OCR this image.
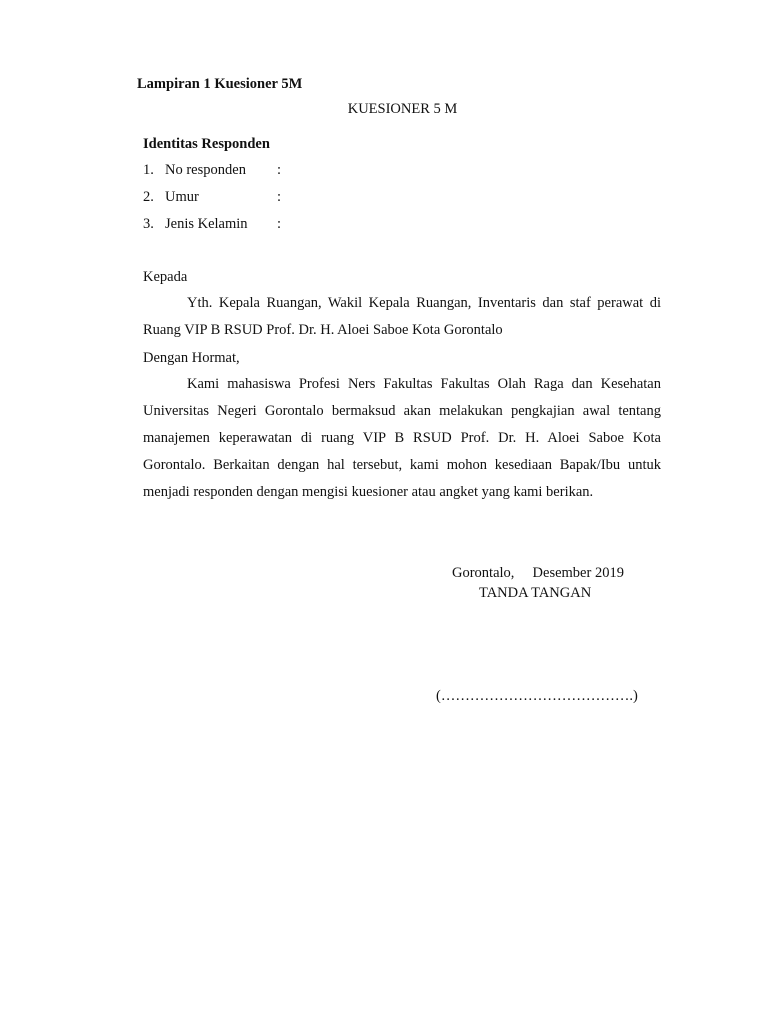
Lampiran 1 Kuesioner 5M
KUESIONER 5 M
Identitas Responden
1. No responden :
2. Umur	:
3. Jenis Kelamin :
Kepada
Yth. Kepala Ruangan, Wakil Kepala Ruangan, Inventaris dan staf perawat di Ruang VIP B RSUD Prof. Dr. H. Aloei Saboe Kota Gorontalo
Dengan Hormat,
Kami mahasiswa Profesi Ners Fakultas Fakultas Olah Raga dan Kesehatan Universitas Negeri Gorontalo bermaksud akan melakukan pengkajian awal tentang manajemen keperawatan di ruang VIP B RSUD Prof. Dr. H. Aloei Saboe Kota Gorontalo. Berkaitan dengan hal tersebut, kami mohon kesediaan Bapak/Ibu untuk menjadi responden dengan mengisi kuesioner atau angket yang kami berikan.
Gorontalo,     Desember 2019
TANDA TANGAN
(………………………………….)
